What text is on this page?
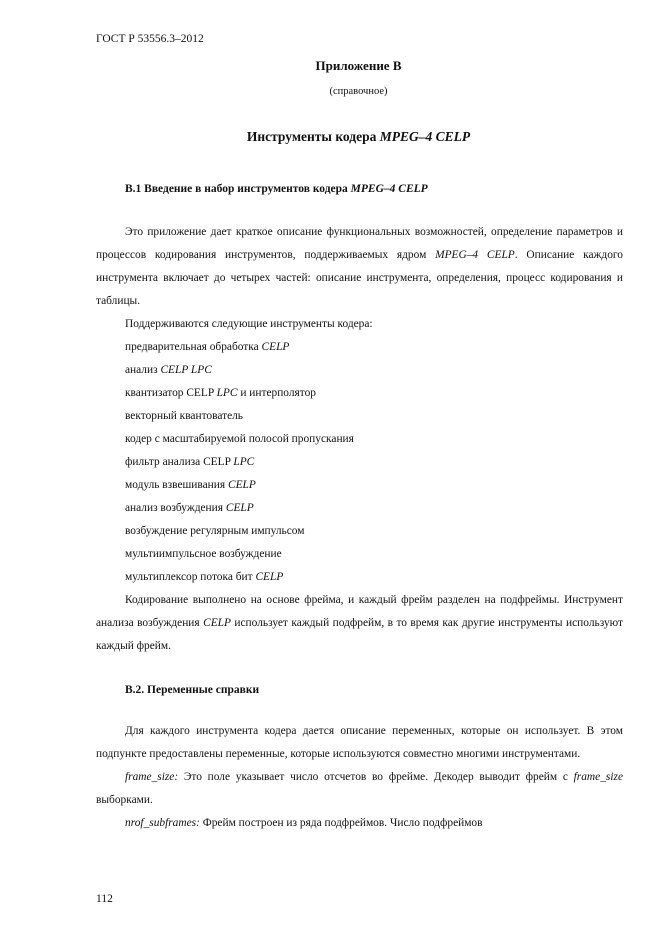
ГОСТ Р 53556.3–2012
Приложение В
(справочное)
Инструменты кодера MPEG–4 CELP
В.1 Введение в набор инструментов кодера MPEG–4 CELP

Это приложение дает краткое описание функциональных возможностей, определение параметров и процессов кодирования инструментов, поддерживаемых ядром MPEG–4 CELP. Описание каждого инструмента включает до четырех частей: описание инструмента, определения, процесс кодирования и таблицы.

Поддерживаются следующие инструменты кодера:

предварительная обработка CELP

анализ CELP LPC

квантизатор CELP LPC и интерполятор

векторный квантователь

кодер с масштабируемой полосой пропускания

фильтр анализа CELP LPC

модуль взвешивания CELP

анализ возбуждения CELP

возбуждение регулярным импульсом

мультиимпульсное возбуждение

мультиплексор потока бит CELP

Кодирование выполнено на основе фрейма, и каждый фрейм разделен на подфреймы. Инструмент анализа возбуждения CELP использует каждый подфрейм, в то время как другие инструменты используют каждый фрейм.

В.2. Переменные справки

Для каждого инструмента кодера дается описание переменных, которые он использует. В этом подпункте предоставлены переменные, которые используются совместно многими инструментами.

frame_size: Это поле указывает число отсчетов во фрейме. Декодер выводит фрейм с frame_size выборками.

nrof_subframes: Фрейм построен из ряда подфреймов. Число подфреймов

112
